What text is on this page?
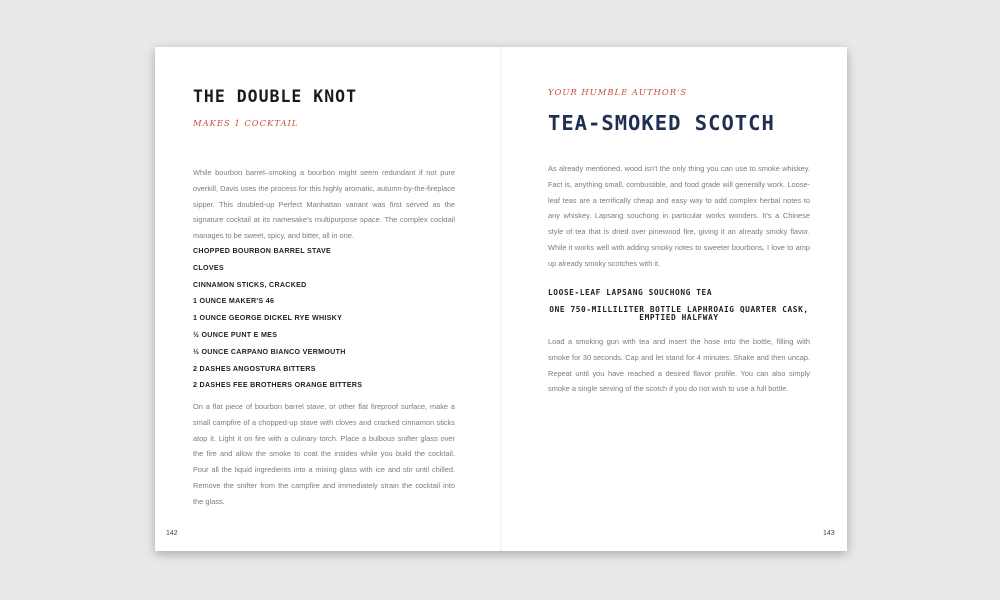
THE DOUBLE KNOT
MAKES 1 COCKTAIL

While bourbon barrel–smoking a bourbon might seem redundant if not pure overkill, Davis uses the process for this highly aromatic, autumn-by-the-fireplace sipper. This doubled-up Perfect Manhattan variant was first served as the signature cocktail at its namesake's multipurpose space. The complex cocktail manages to be sweet, spicy, and bitter, all in one.

CHOPPED BOURBON BARREL STAVE
CLOVES
CINNAMON STICKS, CRACKED
1 OUNCE MAKER'S 46
1 OUNCE GEORGE DICKEL RYE WHISKY
½ OUNCE PUNT E MES
½ OUNCE CARPANO BIANCO VERMOUTH
2 DASHES ANGOSTURA BITTERS
2 DASHES FEE BROTHERS ORANGE BITTERS

On a flat piece of bourbon barrel stave, or other flat fireproof surface, make a small campfire of a chopped-up stave with cloves and cracked cinnamon sticks atop it. Light it on fire with a culinary torch. Place a bulbous snifter glass over the fire and allow the smoke to coat the insides while you build the cocktail. Pour all the liquid ingredients into a mixing glass with ice and stir until chilled. Remove the snifter from the campfire and immediately strain the cocktail into the glass.

142
YOUR HUMBLE AUTHOR'S
TEA-SMOKED SCOTCH

As already mentioned, wood isn't the only thing you can use to smoke whiskey. Fact is, anything small, combustible, and food grade will generally work. Loose-leaf teas are a terrifically cheap and easy way to add complex herbal notes to any whiskey. Lapsang souchong in particular works wonders. It's a Chinese style of tea that is dried over pinewood fire, giving it an already smoky flavor. While it works well with adding smoky notes to sweeter bourbons, I love to amp up already smoky scotches with it.

LOOSE-LEAF LAPSANG SOUCHONG TEA
ONE 750-MILLILITER BOTTLE LAPHROAIG QUARTER CASK, EMPTIED HALFWAY

Load a smoking gun with tea and insert the hose into the bottle, filling with smoke for 30 seconds. Cap and let stand for 4 minutes. Shake and then uncap. Repeat until you have reached a desired flavor profile. You can also simply smoke a single serving of the scotch if you do not wish to use a full bottle.

143
